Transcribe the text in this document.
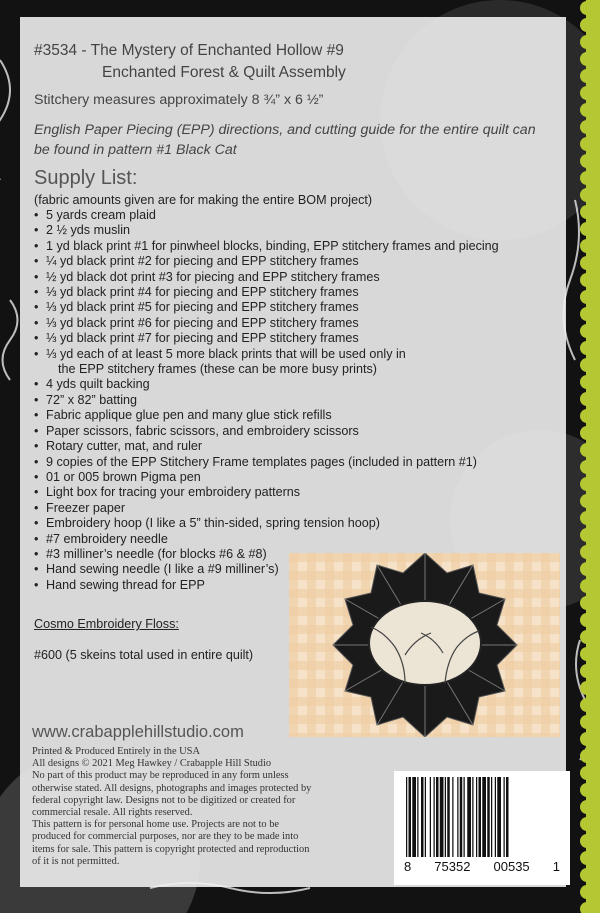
#3534 - The Mystery of Enchanted Hollow #9
Enchanted Forest & Quilt Assembly
Stitchery measures approximately 8 ¾” x 6 ½”
English Paper Piecing (EPP) directions, and cutting guide for the entire quilt can be found in pattern #1 Black Cat
Supply List:
(fabric amounts given are for making the entire BOM project)
• 5 yards cream plaid
• 2 ½ yds muslin
• 1 yd black print #1 for pinwheel blocks, binding, EPP stitchery frames and piecing
• ¼ yd black print #2 for piecing and EPP stitchery frames
• ½ yd black dot print #3 for piecing and EPP stitchery frames
• ⅓ yd black print #4 for piecing and EPP stitchery frames
• ⅓ yd black print #5 for piecing and EPP stitchery frames
• ⅓ yd black print #6 for piecing and EPP stitchery frames
• ⅓ yd black print #7 for piecing and EPP stitchery frames
• ⅓ yd each of at least 5 more black prints that will be used only in
the EPP stitchery frames (these can be more busy prints)
• 4 yds quilt backing
• 72” x 82” batting
• Fabric applique glue pen and many glue stick refills
• Paper scissors, fabric scissors, and embroidery scissors
• Rotary cutter, mat, and ruler
• 9 copies of the EPP Stitchery Frame templates pages (included in pattern #1)
• 01 or 005 brown Pigma pen
• Light box for tracing your embroidery patterns
• Freezer paper
• Embroidery hoop (I like a 5” thin-sided, spring tension hoop)
• #7 embroidery needle
• #3 milliner’s needle (for blocks #6 & #8)
• Hand sewing needle (I like a #9 milliner’s)
• Hand sewing thread for EPP
Cosmo Embroidery Floss:
#600 (5 skeins total used in entire quilt)
www.crabapplehillstudio.com
Printed & Produced Entirely in the USA
All designs © 2021 Meg Hawkey / Crabapple Hill Studio
No part of this product may be reproduced in any form unless
otherwise stated. All designs, photographs and images protected by
federal copyright law. Designs not to be digitized or created for
commercial resale. All rights reserved.
This pattern is for personal home use. Projects are not to be
produced for commercial purposes, nor are they to be made into
items for sale. This pattern is copyright protected and reproduction
of it is not permitted.	8 75352 00535 1
